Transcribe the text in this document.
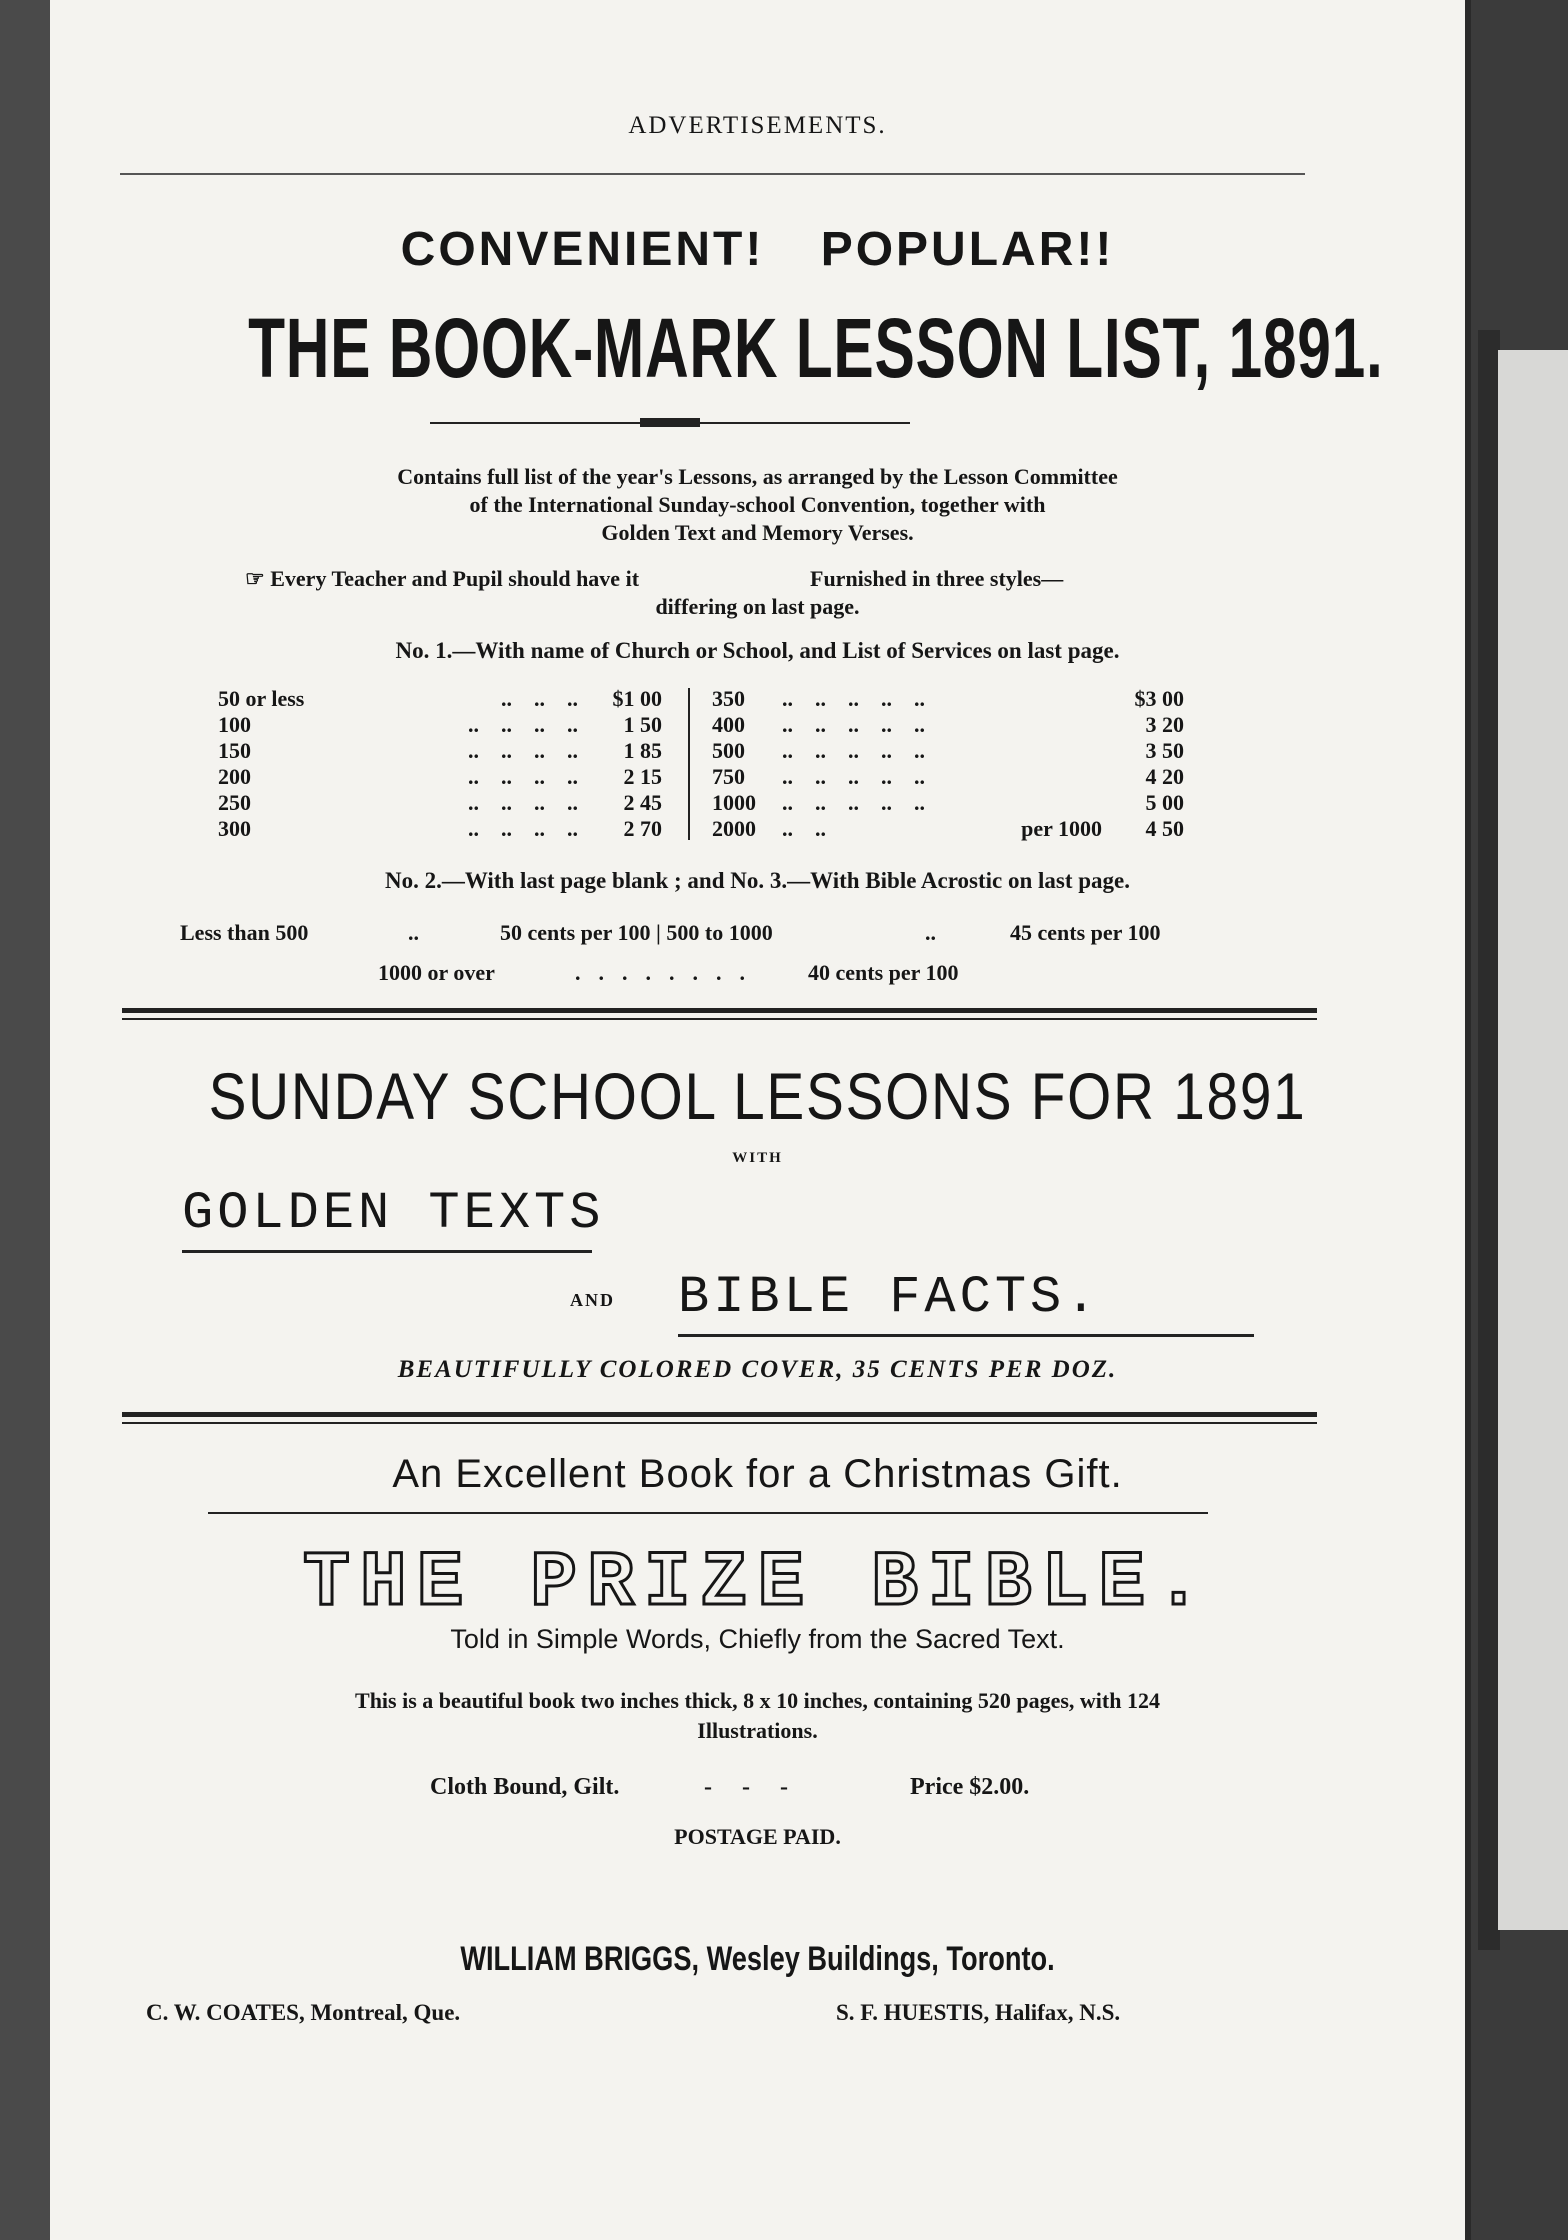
ADVERTISEMENTS.
CONVENIENT! POPULAR!!
THE BOOK-MARK LESSON LIST, 1891.
Contains full list of the year's Lessons, as arranged by the Lesson Committee
of the International Sunday-school Convention, together with
Golden Text and Memory Verses.
☞ Every Teacher and Pupil should have it	Furnished in three styles—
differing on last page.
No. 1.—With name of Church or School, and List of Services on last page.
50 or less	..    ..    ..	$1 00
100	..    ..    ..    ..	1 50
150	..    ..    ..    ..	1 85
200	..    ..    ..    ..	2 15
250	..    ..    ..    ..	2 45
300	..    ..    ..    ..	2 70
350	..    ..    ..    ..    ..		$3 00
400	..    ..    ..    ..    ..		3 20
500	..    ..    ..    ..    ..		3 50
750	..    ..    ..    ..    ..		4 20
1000	..    ..    ..    ..    ..		5 00
2000	..    ..	per 1000	4 50
No. 2.—With last page blank ; and No. 3.—With Bible Acrostic on last page.
Less than 500	..	50 cents per 100 | 500 to 1000	..	45 cents per 100
1000 or over	........ 40 cents per 100
SUNDAY SCHOOL LESSONS FOR 1891
WITH
GOLDEN TEXTS
AND BIBLE FACTS.
BEAUTIFULLY COLORED COVER, 35 CENTS PER DOZ.
An Excellent Book for a Christmas Gift.
THE PRIZE BIBLE.
Told in Simple Words, Chiefly from the Sacred Text.
This is a beautiful book two inches thick, 8 x 10 inches, containing 520 pages, with 124
Illustrations.
Cloth Bound, Gilt.	-     -     -	Price $2.00.
POSTAGE PAID.
WILLIAM BRIGGS, Wesley Buildings, Toronto.
C. W. COATES, Montreal, Que.	S. F. HUESTIS, Halifax, N.S.
